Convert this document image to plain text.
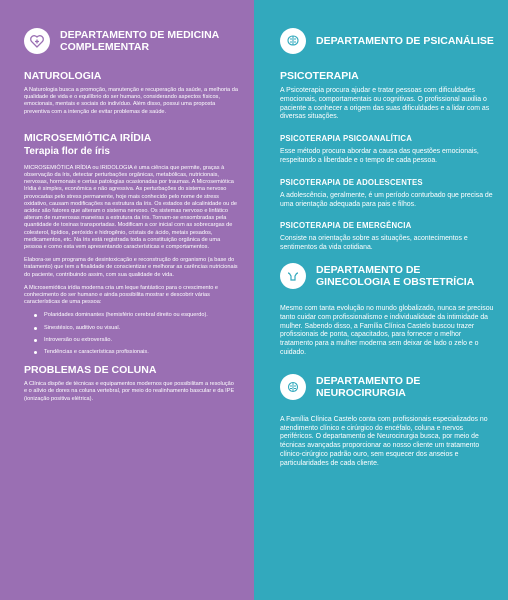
DEPARTAMENTO DE MEDICINA COMPLEMENTAR
NATUROLOGIA

A Naturologia busca a promoção, manutenção e recuperação da saúde, a melhoria da qualidade de vida e o equilíbrio do ser humano, considerando aspectos físicos, emocionais, mentais e sociais do indivíduo. Além disso, possui uma proposta preventiva com a intenção de evitar problemas de saúde.

MICROSEMIÓTICA IRÍDIA
Terapia flor de íris

MICROSEMIÓTICA IRÍDIA ou IRIDOLOGIA é uma ciência que permite, graças à observação da íris, detectar perturbações orgânicas, metabólicas, nutricionais, nervosas, hormonais e certas patologias ocasionadas por traumas. A Microsemiótica Irídia é simples, econômica e não agressiva. As perturbações do sistema nervoso provocadas pelo stress permanente, hoje mais conhecido pelo nome de stress oxidativo, causam modificações na estrutura da íris. Os estados de alcalinidade ou de acidez são fatores que alteram o sistema nervoso. Os sistemas nervoso e linfático alteram de numerosas maneiras a estrutura da íris. Tornam-se ensombradas pela quantidade de toxinas transportadas. Modificam a cor inicial com as sobrecargas de colesterol, lipídios, peróxido e hidrogênio, cristais de ácido, metais pesados, medicamentos, etc. Na íris está registrada toda a constituição orgânica de uma pessoa e como esta vem apresentando características e comportamentos.

Elabora-se um programa de desintoxicação e reconstrução do organismo (a base do tratamento) que tem a finalidade de conscientizar e melhorar as carências nutricionais do paciente, contribuindo assim, com sua qualidade de vida.

A Microsemiótica irídia moderna cria um leque fantástico para o crescimento e conhecimento do ser humano e ainda possibilita mostrar e descobrir várias características de uma pessoa:

Polaridades dominantes (hemisfério cerebral direito ou esquerdo).
Sinestésico, auditivo ou visual.
Introversão ou extroversão.
Tendências e características profissionais.
PROBLEMAS DE COLUNA

A Clínica dispõe de técnicas e equipamentos modernos que possibilitam a resolução e o alívio de dores na coluna vertebral, por meio do realinhamento bascular e da IPE (ionização positiva elétrica).

DEPARTAMENTO DE PSICANÁLISE
PSICOTERAPIA

A Psicoterapia procura ajudar e tratar pessoas com dificuldades emocionais, comportamentais ou cognitivas. O profissional auxilia o paciente a conhecer a origem das suas dificuldades e a lidar com as diversas situações.

PSICOTERAPIA PSICOANALÍTICA

Esse método procura abordar a causa das questões emocionais, respeitando a liberdade e o tempo de cada pessoa.

PSICOTERAPIA DE ADOLESCENTES

A adolescência, geralmente, é um período conturbado que precisa de uma orientação adequada para pais e filhos.

PSICOTERAPIA DE EMERGÊNCIA

Consiste na orientação sobre as situações, acontecimentos e sentimentos da vida cotidiana.

DEPARTAMENTO DE GINECOLOGIA E OBSTETRÍCIA

Mesmo com tanta evolução no mundo globalizado, nunca se precisou tanto cuidar com profissionalismo e individualidade da intimidade da mulher. Sabendo disso, a Família Clínica Castelo buscou trazer profissionais de ponta, capacitados, para fornecer o melhor tratamento para a mulher moderna sem deixar de lado o zelo e o cuidado.

DEPARTAMENTO DE NEUROCIRURGIA

A Família Clínica Castelo conta com profissionais especializados no atendimento clínico e cirúrgico do encéfalo, coluna e nervos periféricos. O departamento de Neurocirurgia busca, por meio de técnicas avançadas proporcionar ao nosso cliente um tratamento clínico-cirúrgico padrão ouro, sem esquecer dos anseios e particularidades de cada cliente.
